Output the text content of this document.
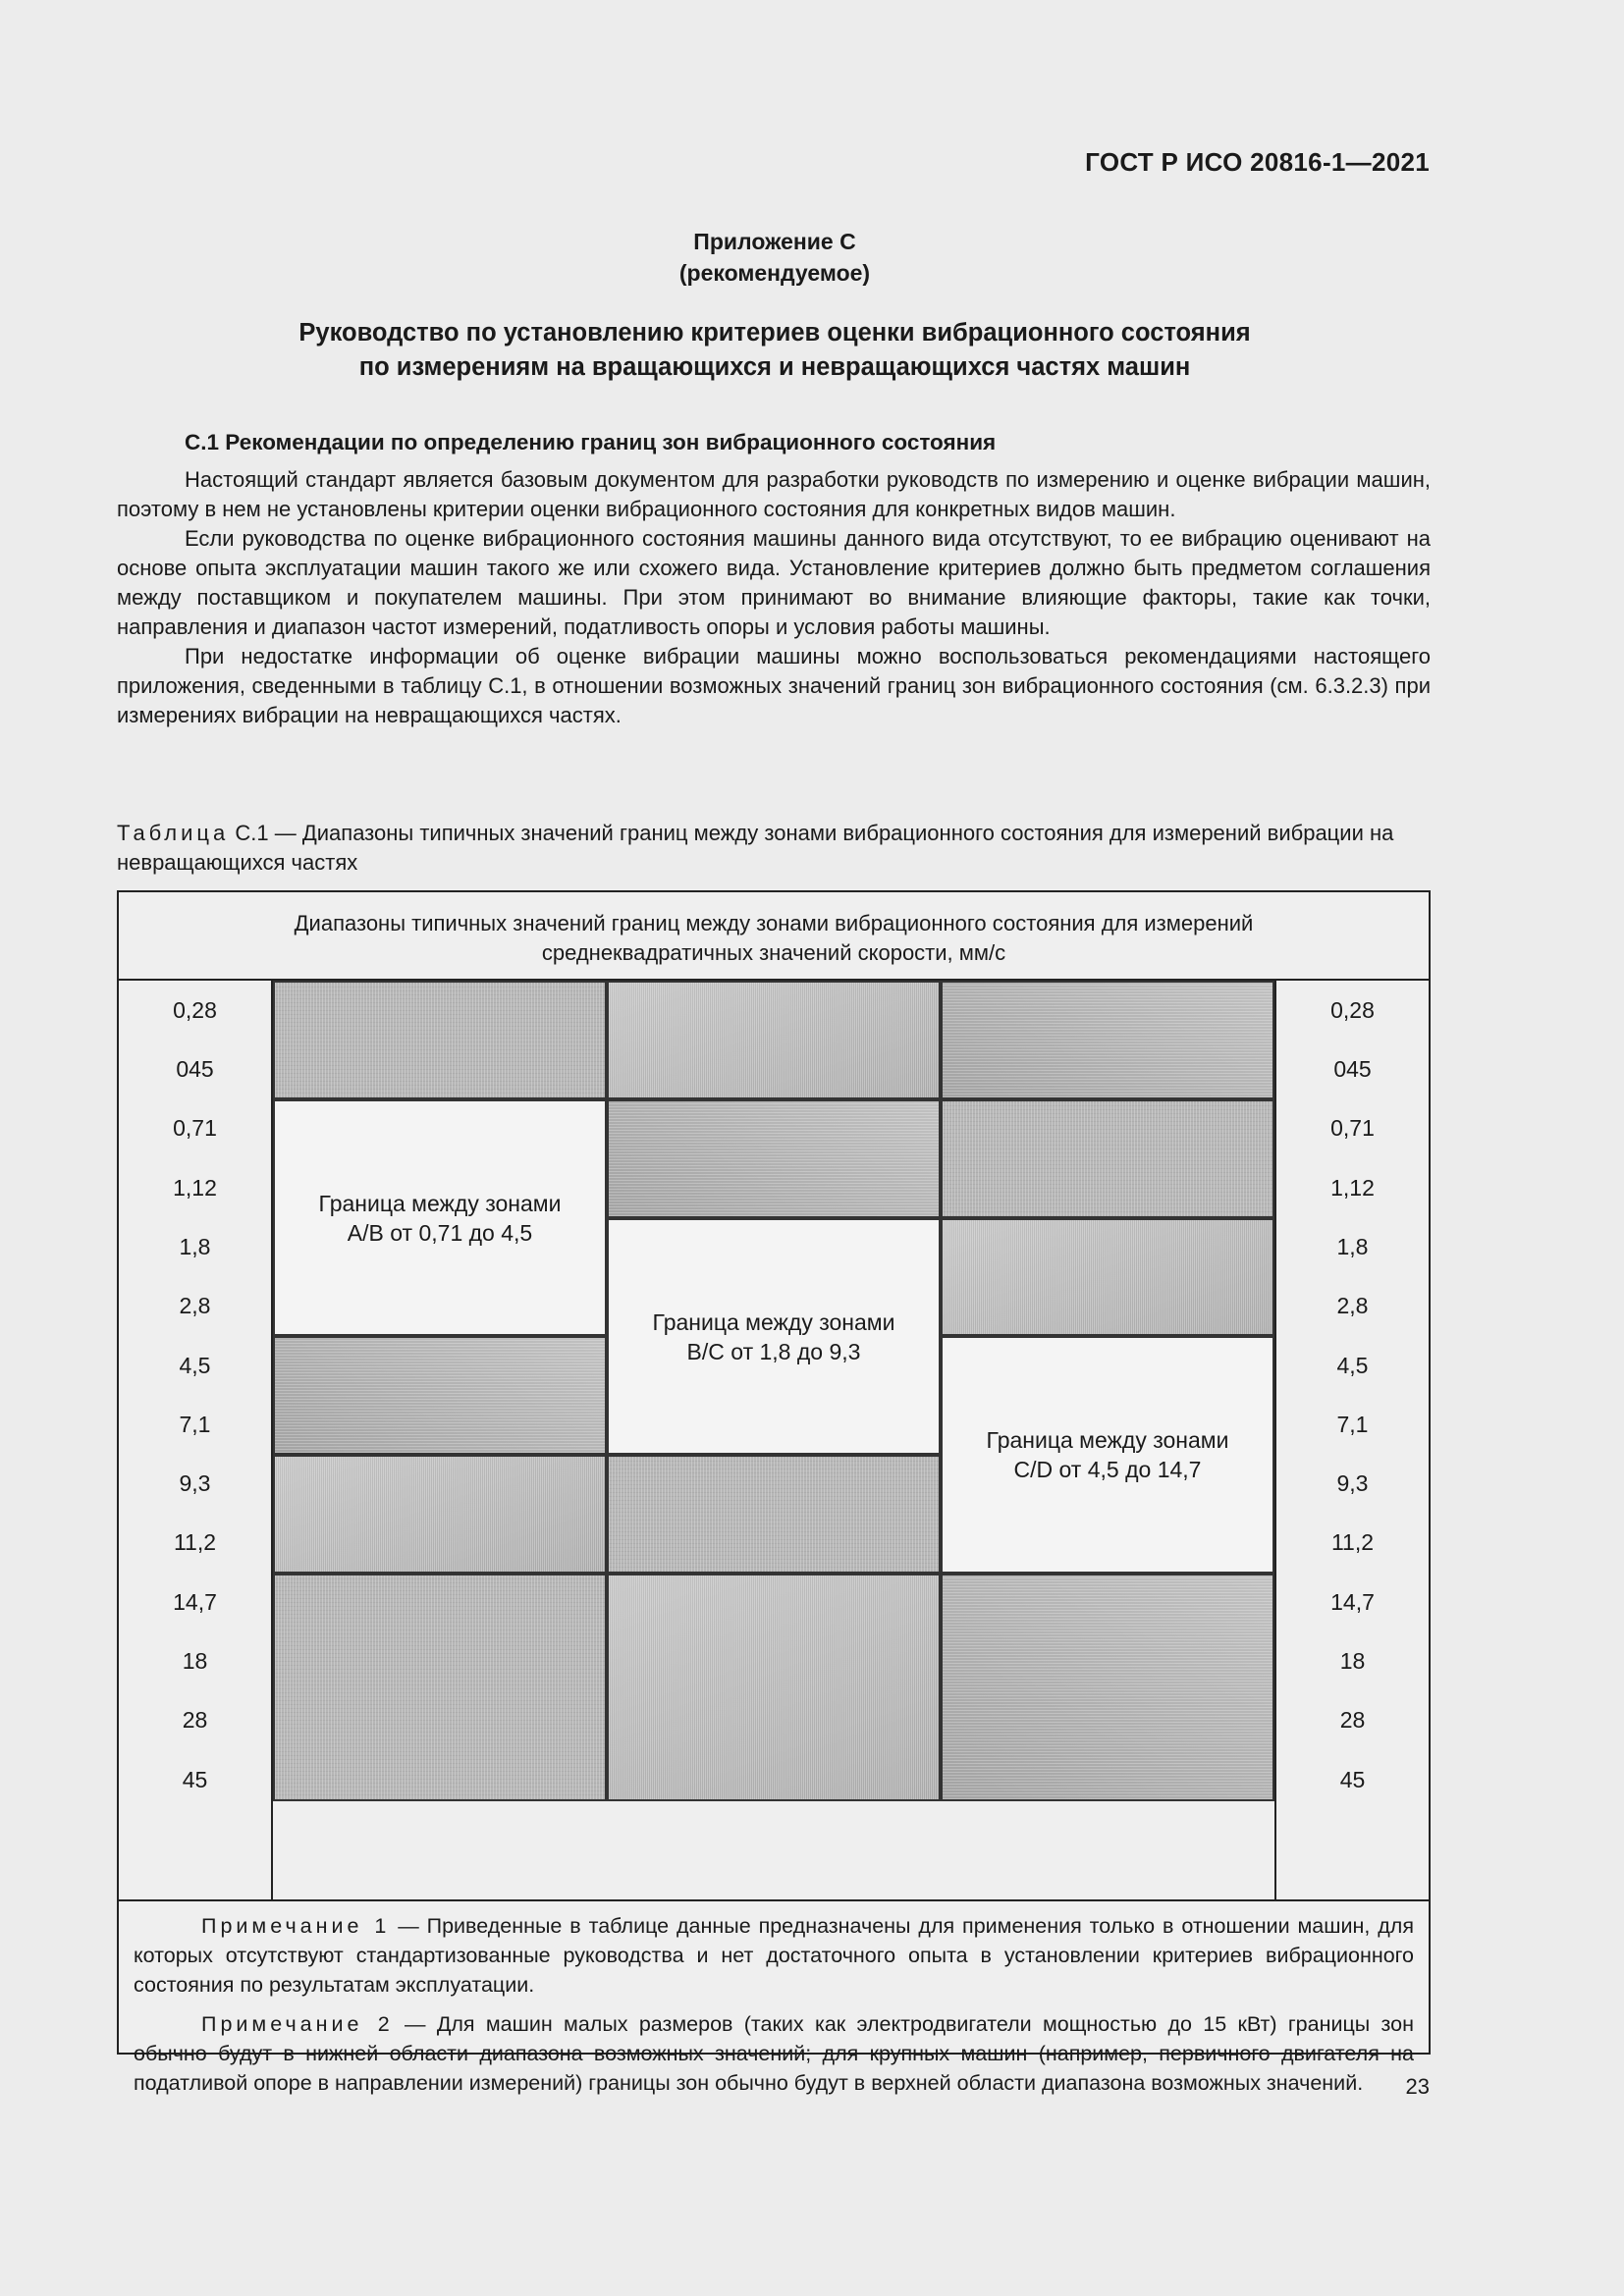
ГОСТ Р ИСО 20816-1—2021
Приложение С
(рекомендуемое)
Руководство по установлению критериев оценки вибрационного состояния
по измерениям на вращающихся и невращающихся частях машин
С.1 Рекомендации по определению границ зон вибрационного состояния

Настоящий стандарт является базовым документом для разработки руководств по измерению и оценке вибрации машин, поэтому в нем не установлены критерии оценки вибрационного состояния для конкретных видов машин.

Если руководства по оценке вибрационного состояния машины данного вида отсутствуют, то ее вибрацию оценивают на основе опыта эксплуатации машин такого же или схожего вида. Установление критериев должно быть предметом соглашения между поставщиком и покупателем машины. При этом принимают во внимание влияющие факторы, такие как точки, направления и диапазон частот измерений, податливость опоры и условия работы машины.

При недостатке информации об оценке вибрации машины можно воспользоваться рекомендациями настоящего приложения, сведенными в таблицу С.1, в отношении возможных значений границ зон вибрационного состояния (см. 6.3.2.3) при измерениях вибрации на невращающихся частях.

Таблица С.1 — Диапазоны типичных значений границ между зонами вибрационного состояния для измерений вибрации на невращающихся частях
Диапазоны типичных значений границ между зонами вибрационного состояния для измерений
среднеквадратичных значений скорости, мм/с
0,28
045
0,71
1,12
1,8
2,8
4,5
7,1
9,3
11,2
14,7
18
28
45
0,28
045
0,71
1,12
1,8
2,8
4,5
7,1
9,3
11,2
14,7
18
28
45
Граница между зонами
A/B от 0,71 до 4,5
Граница между зонами
B/C от 1,8 до 9,3
Граница между зонами
C/D от 4,5 до 14,7

Примечание 1 — Приведенные в таблице данные предназначены для применения только в отношении машин, для которых отсутствуют стандартизованные руководства и нет достаточного опыта в установлении критериев вибрационного состояния по результатам эксплуатации.

Примечание 2 — Для машин малых размеров (таких как электродвигатели мощностью до 15 кВт) границы зон обычно будут в нижней области диапазона возможных значений; для крупных машин (например, первичного двигателя на податливой опоре в направлении измерений) границы зон обычно будут в верхней области диапазона возможных значений.	23
